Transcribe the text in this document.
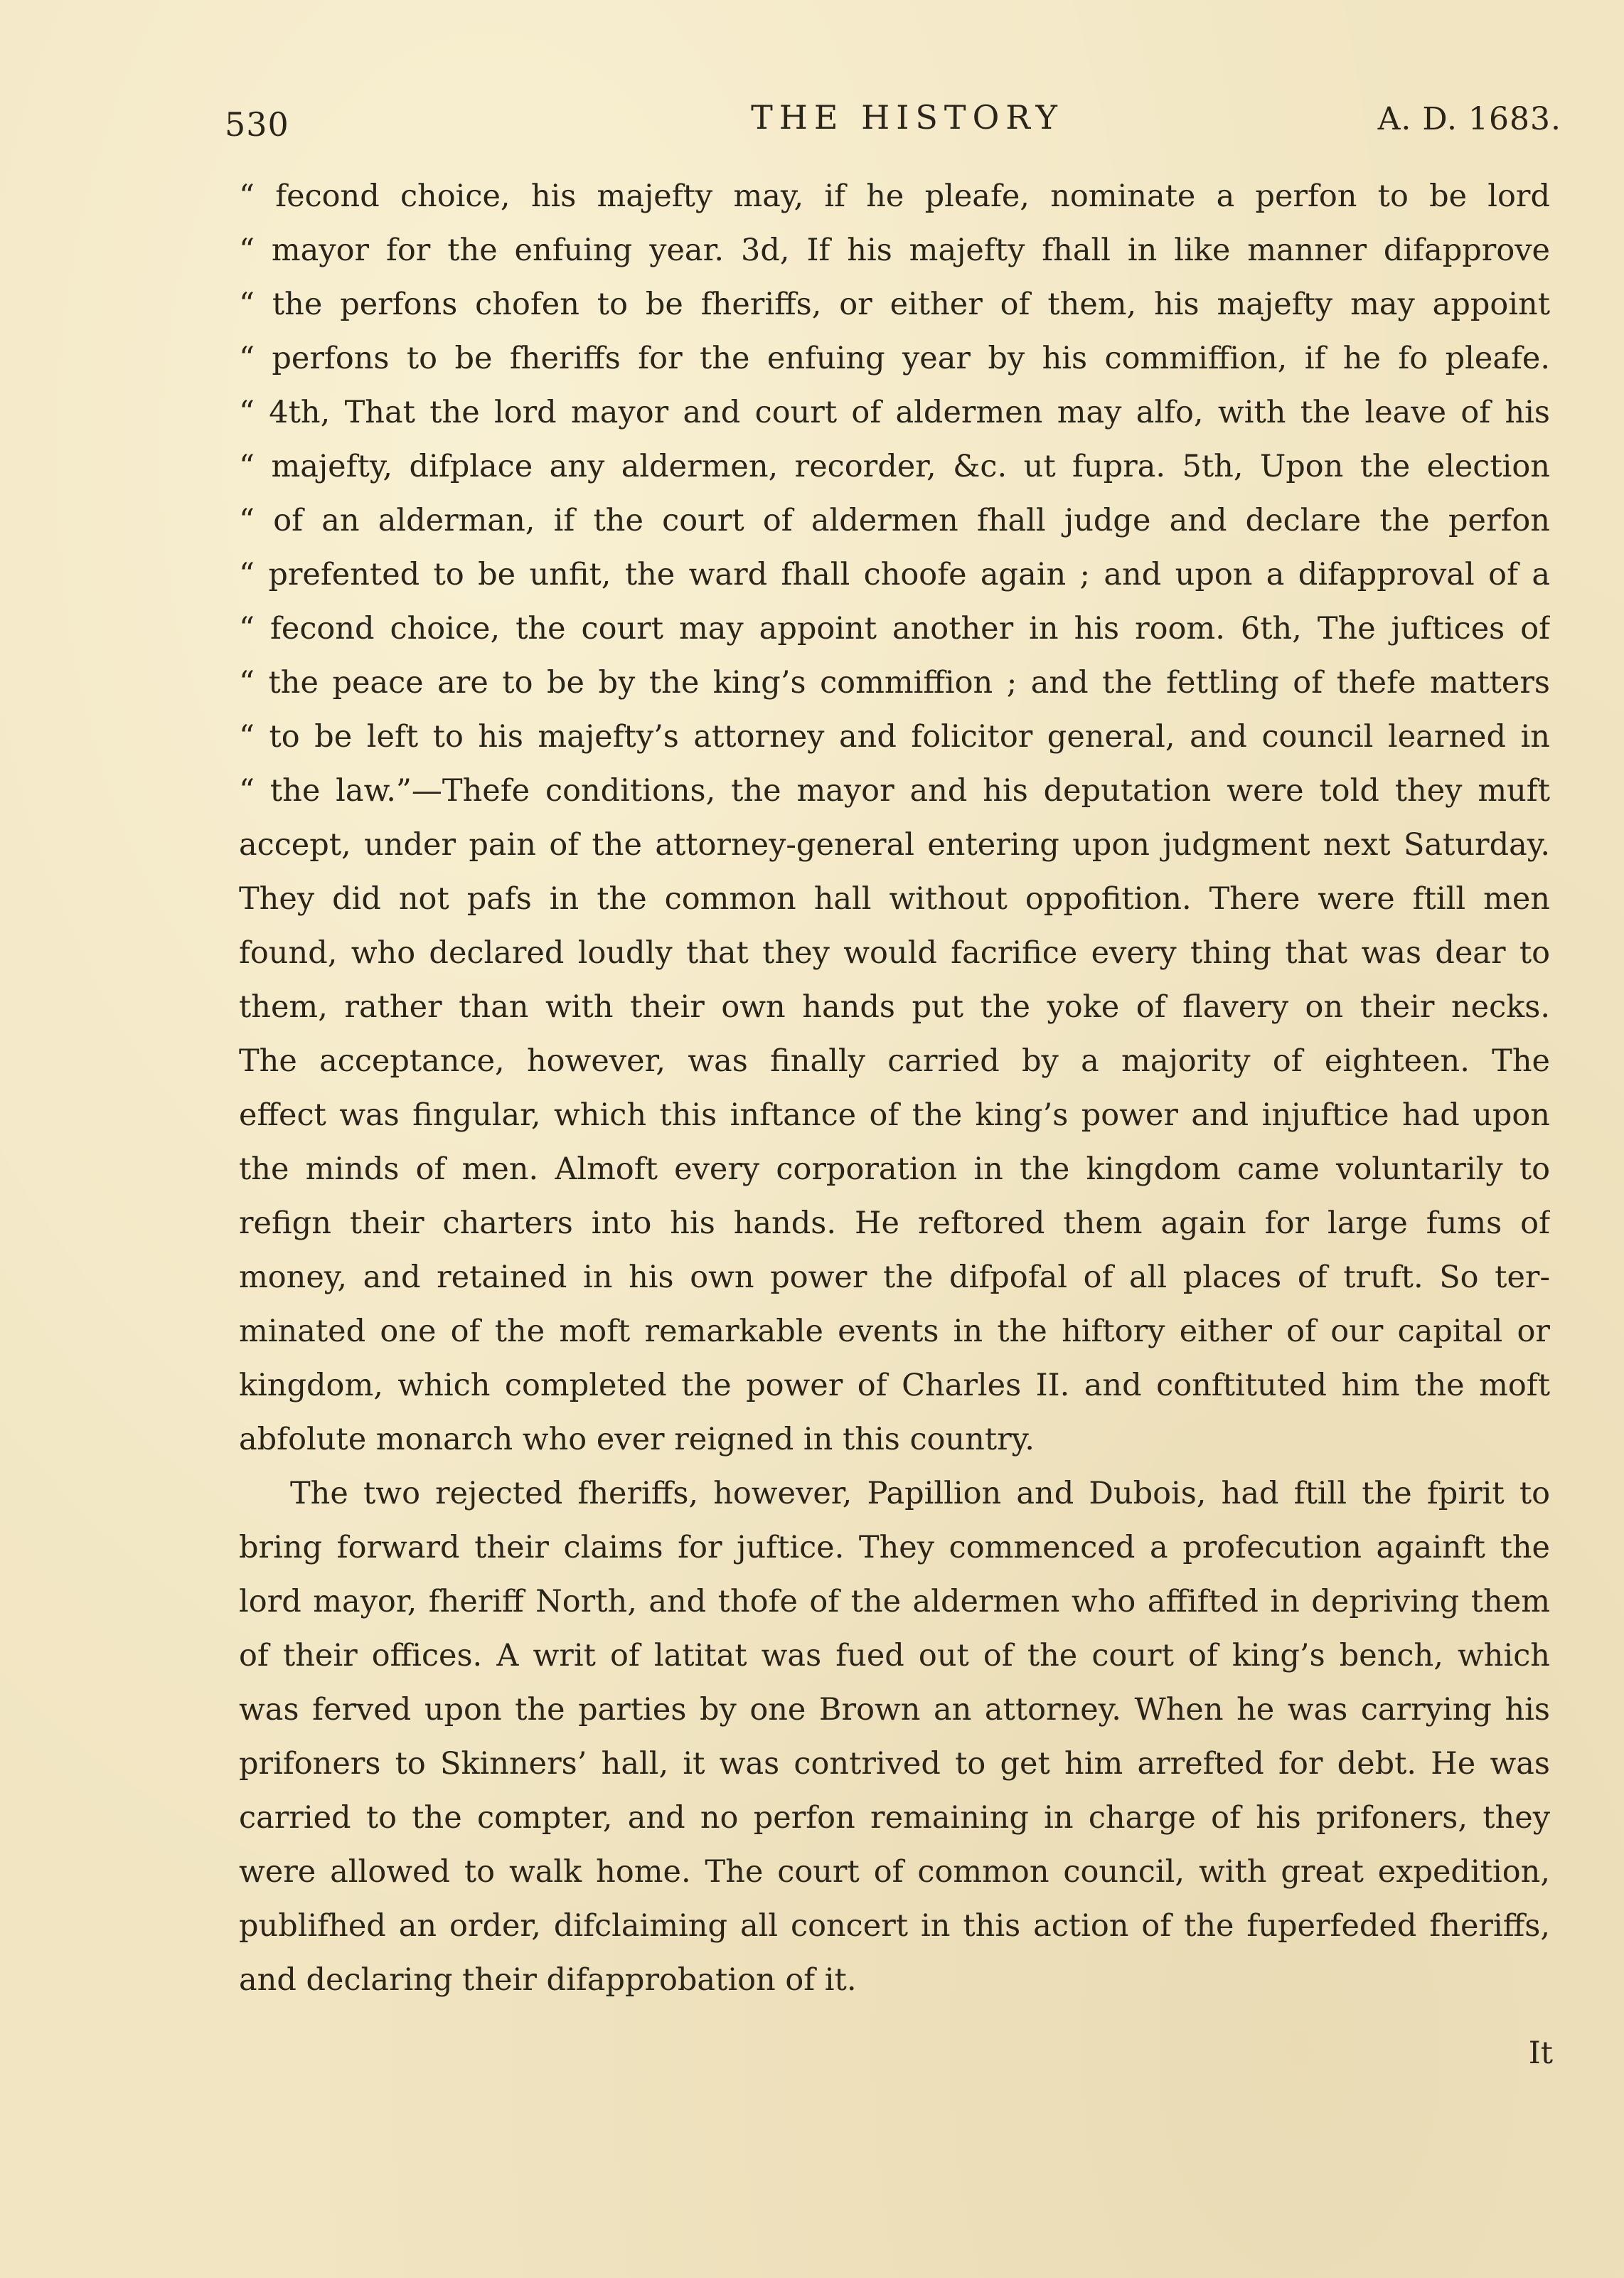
530	THE HISTORY	A. D. 1683.
“ fecond choice, his majefty may, if he pleafe, nominate a perfon to be lord
“ mayor for the enfuing year. 3d, If his majefty fhall in like manner difapprove
“ the perfons chofen to be fheriffs, or either of them, his majefty may appoint
“ perfons to be fheriffs for the enfuing year by his commiffion, if he fo pleafe.
“ 4th, That the lord mayor and court of aldermen may alfo, with the leave of his
“ majefty, difplace any aldermen, recorder, &c. ut fupra. 5th, Upon the election
“ of an alderman, if the court of aldermen fhall judge and declare the perfon
“ prefented to be unfit, the ward fhall choofe again ; and upon a difapproval of a
“ fecond choice, the court may appoint another in his room. 6th, The juftices of
“ the peace are to be by the king’s commiffion ; and the fettling of thefe matters
“ to be left to his majefty’s attorney and folicitor general, and council learned in
“ the law.”—Thefe conditions, the mayor and his deputation were told they muft
accept, under pain of the attorney-general entering upon judgment next Saturday.
They did not pafs in the common hall without oppofition. There were ftill men
found, who declared loudly that they would facrifice every thing that was dear to
them, rather than with their own hands put the yoke of flavery on their necks.
The acceptance, however, was finally carried by a majority of eighteen. The
effect was fingular, which this inftance of the king’s power and injuftice had upon
the minds of men. Almoft every corporation in the kingdom came voluntarily to
refign their charters into his hands. He reftored them again for large fums of
money, and retained in his own power the difpofal of all places of truft. So ter-
minated one of the moft remarkable events in the hiftory either of our capital or
kingdom, which completed the power of Charles II. and conftituted him the moft
abfolute monarch who ever reigned in this country.
The two rejected fheriffs, however, Papillion and Dubois, had ftill the fpirit to
bring forward their claims for juftice. They commenced a profecution againft the
lord mayor, fheriff North, and thofe of the aldermen who affifted in depriving them
of their offices. A writ of latitat was fued out of the court of king’s bench, which
was ferved upon the parties by one Brown an attorney. When he was carrying his
prifoners to Skinners’ hall, it was contrived to get him arrefted for debt. He was
carried to the compter, and no perfon remaining in charge of his prifoners, they
were allowed to walk home. The court of common council, with great expedition,
publifhed an order, difclaiming all concert in this action of the fuperfeded fheriffs,
and declaring their difapprobation of it.
It
